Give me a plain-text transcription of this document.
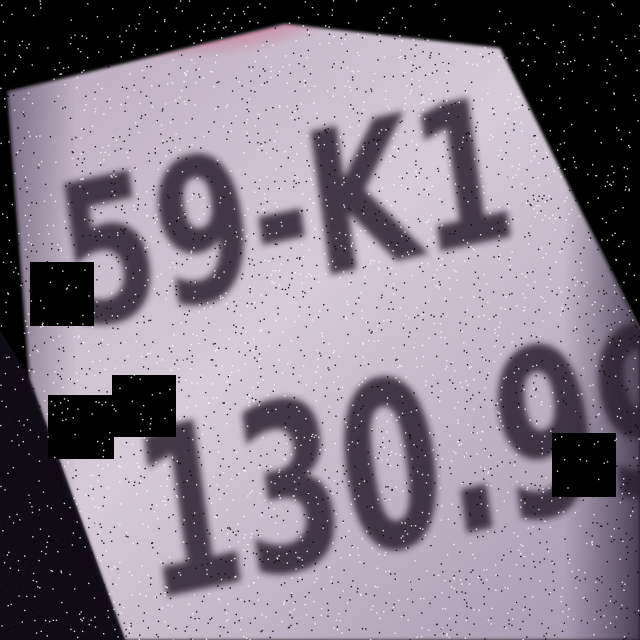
59-K1
130.99
